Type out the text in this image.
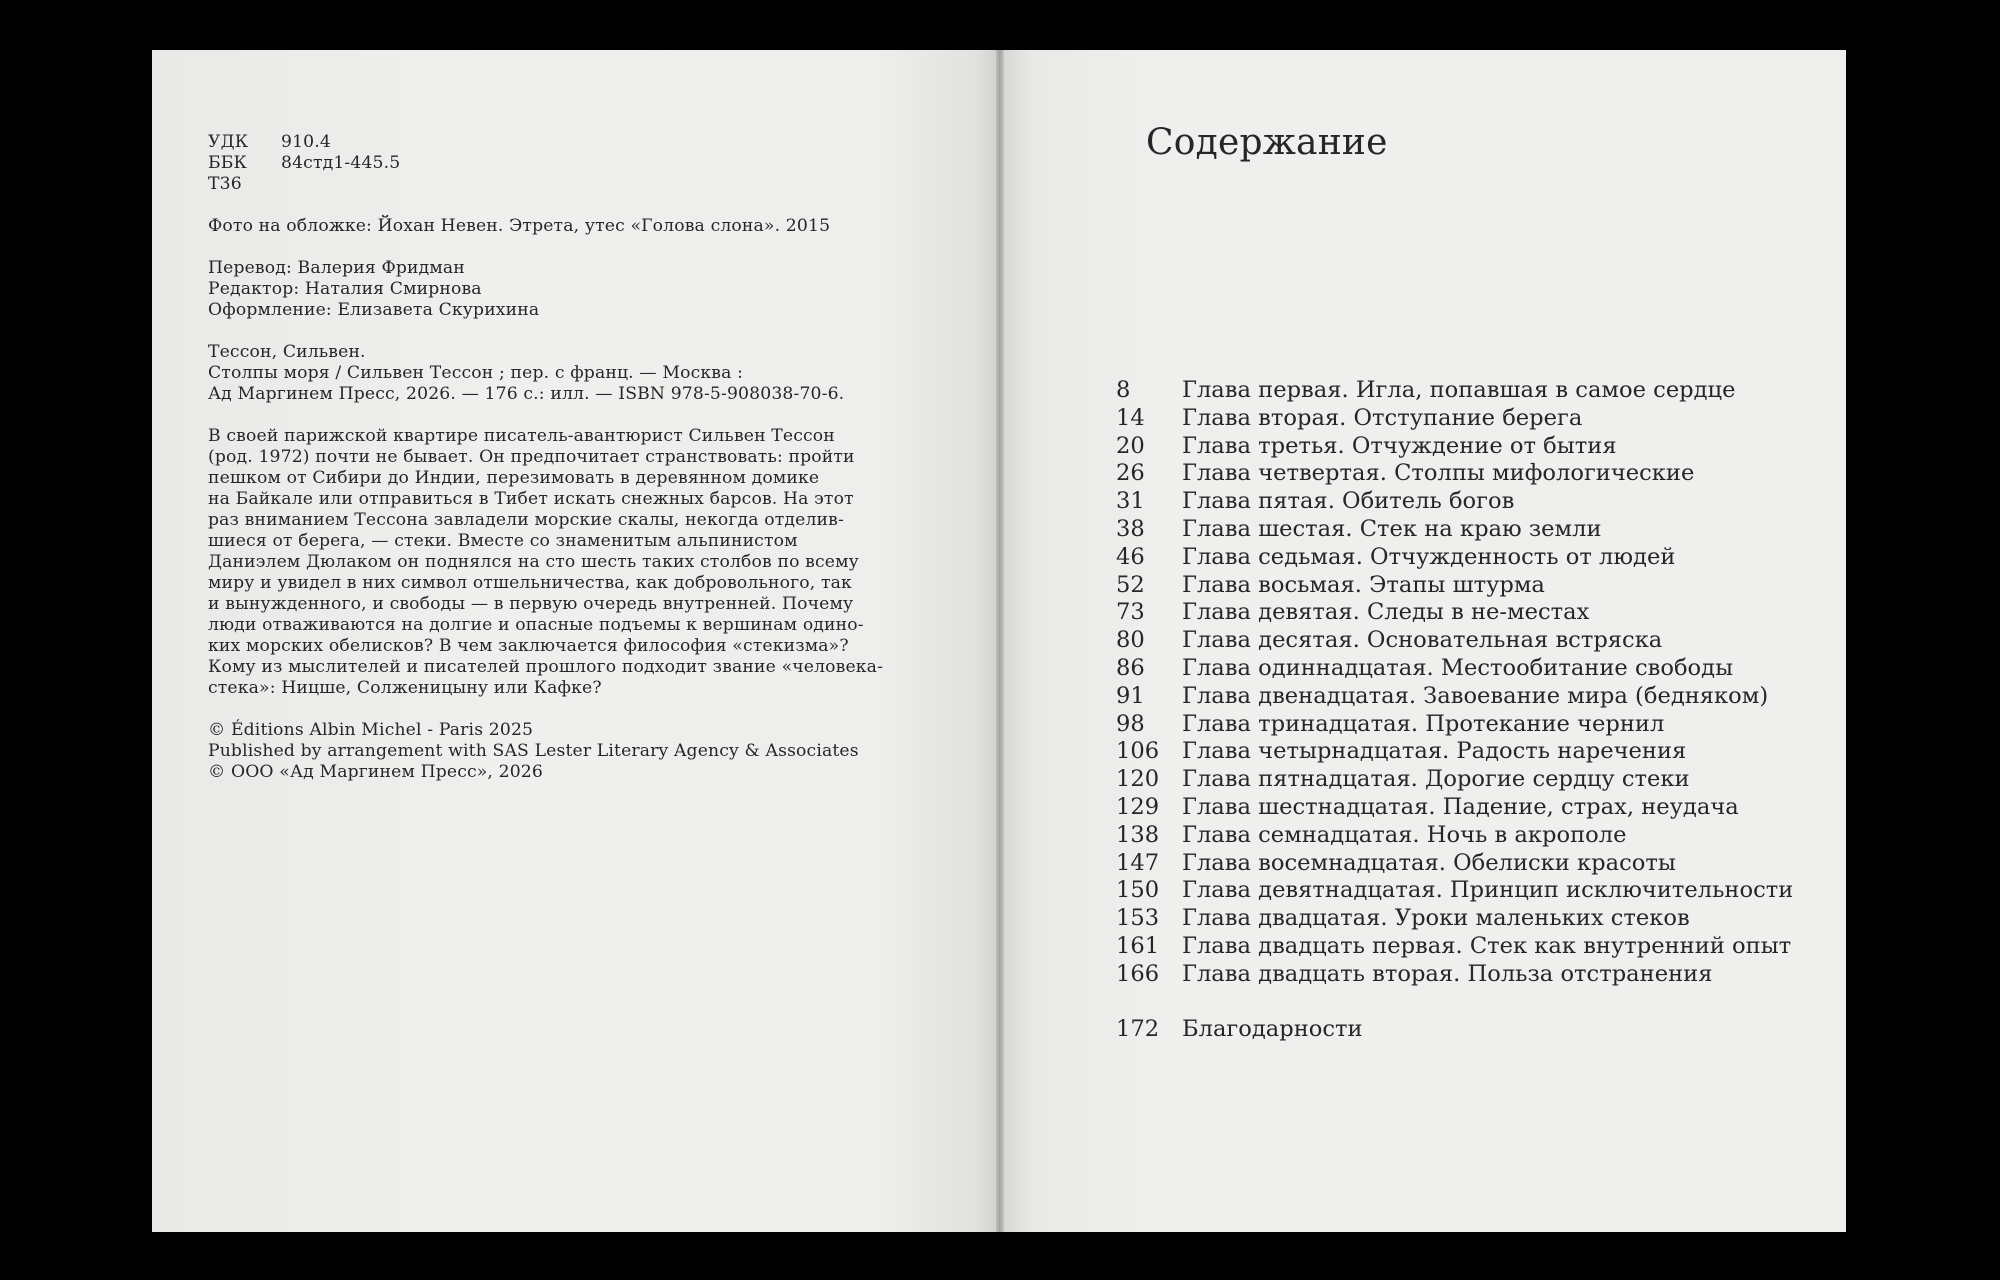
УДК	910.4
ББК	84стд1-445.5
Т36
Фото на обложке: Йохан Невен. Этрета, утес «Голова слона». 2015
Перевод: Валерия Фридман
Редактор: Наталия Смирнова
Оформление: Елизавета Скурихина
Тессон, Сильвен.
Столпы моря / Сильвен Тессон ; пер. с франц. — Москва :
Ад Маргинем Пресс, 2026. — 176 с.: илл. — ISBN 978-5-908038-70-6.
В своей парижской квартире писатель-авантюрист Сильвен Тессон
(род. 1972) почти не бывает. Он предпочитает странствовать: пройти
пешком от Сибири до Индии, перезимовать в деревянном домике
на Байкале или отправиться в Тибет искать снежных барсов. На этот
раз вниманием Тессона завладели морские скалы, некогда отделив-
шиеся от берега, — стеки. Вместе со знаменитым альпинистом
Даниэлем Дюлаком он поднялся на сто шесть таких столбов по всему
миру и увидел в них символ отшельничества, как добровольного, так
и вынужденного, и свободы — в первую очередь внутренней. Почему
люди отваживаются на долгие и опасные подъемы к вершинам одино-
ких морских обелисков? В чем заключается философия «стекизма»?
Кому из мыслителей и писателей прошлого подходит звание «человека-
стека»: Ницше, Солженицыну или Кафке?
© Éditions Albin Michel - Paris 2025
Published by arrangement with SAS Lester Literary Agency & Associates
© ООО «Ад Маргинем Пресс», 2026
Содержание
8	Глава первая. Игла, попавшая в самое сердце
14	Глава вторая. Отступание берега
20	Глава третья. Отчуждение от бытия
26	Глава четвертая. Столпы мифологические
31	Глава пятая. Обитель богов
38	Глава шестая. Стек на краю земли
46	Глава седьмая. Отчужденность от людей
52	Глава восьмая. Этапы штурма
73	Глава девятая. Следы в не-местах
80	Глава десятая. Основательная встряска
86	Глава одиннадцатая. Местообитание свободы
91	Глава двенадцатая. Завоевание мира (бедняком)
98	Глава тринадцатая. Протекание чернил
106	Глава четырнадцатая. Радость наречения
120	Глава пятнадцатая. Дорогие сердцу стеки
129	Глава шестнадцатая. Падение, страх, неудача
138	Глава семнадцатая. Ночь в акрополе
147	Глава восемнадцатая. Обелиски красоты
150	Глава девятнадцатая. Принцип исключительности
153	Глава двадцатая. Уроки маленьких стеков
161	Глава двадцать первая. Стек как внутренний опыт
166	Глава двадцать вторая. Польза отстранения
172	Благодарности
